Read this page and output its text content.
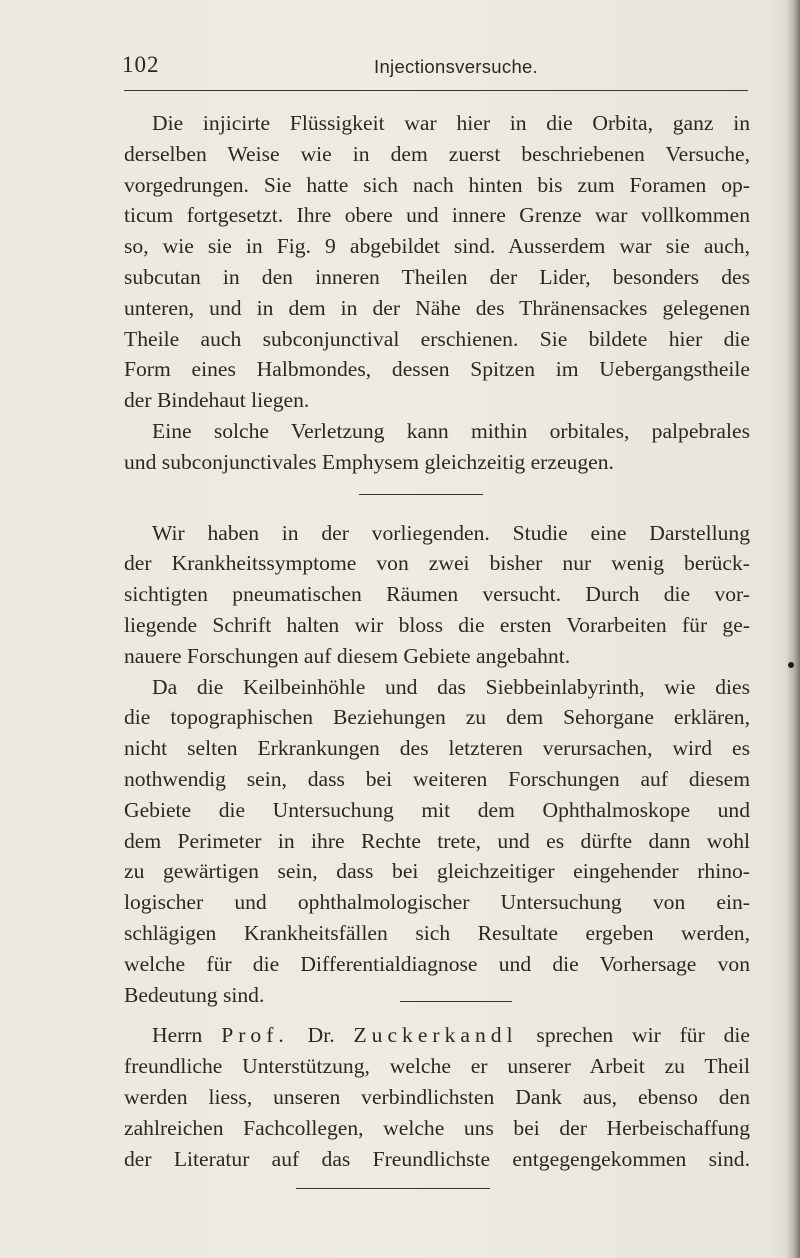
102	Injectionsversuche.
Die injicirte Flüssigkeit war hier in die Orbita, ganz in
derselben Weise wie in dem zuerst beschriebenen Versuche,
vorgedrungen. Sie hatte sich nach hinten bis zum Foramen op-
ticum fortgesetzt. Ihre obere und innere Grenze war vollkommen
so, wie sie in Fig. 9 abgebildet sind. Ausserdem war sie auch,
subcutan in den inneren Theilen der Lider, besonders des
unteren, und in dem in der Nähe des Thränensackes gelegenen
Theile auch subconjunctival erschienen. Sie bildete hier die
Form eines Halbmondes, dessen Spitzen im Uebergangstheile
der Bindehaut liegen.
Eine solche Verletzung kann mithin orbitales, palpebrales
und subconjunctivales Emphysem gleichzeitig erzeugen.
Wir haben in der vorliegenden. Studie eine Darstellung
der Krankheitssymptome von zwei bisher nur wenig berück-
sichtigten pneumatischen Räumen versucht. Durch die vor-
liegende Schrift halten wir bloss die ersten Vorarbeiten für ge-
nauere Forschungen auf diesem Gebiete angebahnt.
Da die Keilbeinhöhle und das Siebbeinlabyrinth, wie dies
die topographischen Beziehungen zu dem Sehorgane erklären,
nicht selten Erkrankungen des letzteren verursachen, wird es
nothwendig sein, dass bei weiteren Forschungen auf diesem
Gebiete die Untersuchung mit dem Ophthalmoskope und
dem Perimeter in ihre Rechte trete, und es dürfte dann wohl
zu gewärtigen sein, dass bei gleichzeitiger eingehender rhino-
logischer und ophthalmologischer Untersuchung von ein-
schlägigen Krankheitsfällen sich Resultate ergeben werden,
welche für die Differentialdiagnose und die Vorhersage von
Bedeutung sind.
Herrn Prof. Dr. Zuckerkandl sprechen wir für die
freundliche Unterstützung, welche er unserer Arbeit zu Theil
werden liess, unseren verbindlichsten Dank aus, ebenso den
zahlreichen Fachcollegen, welche uns bei der Herbeischaffung
der Literatur auf das Freundlichste entgegengekommen sind.
